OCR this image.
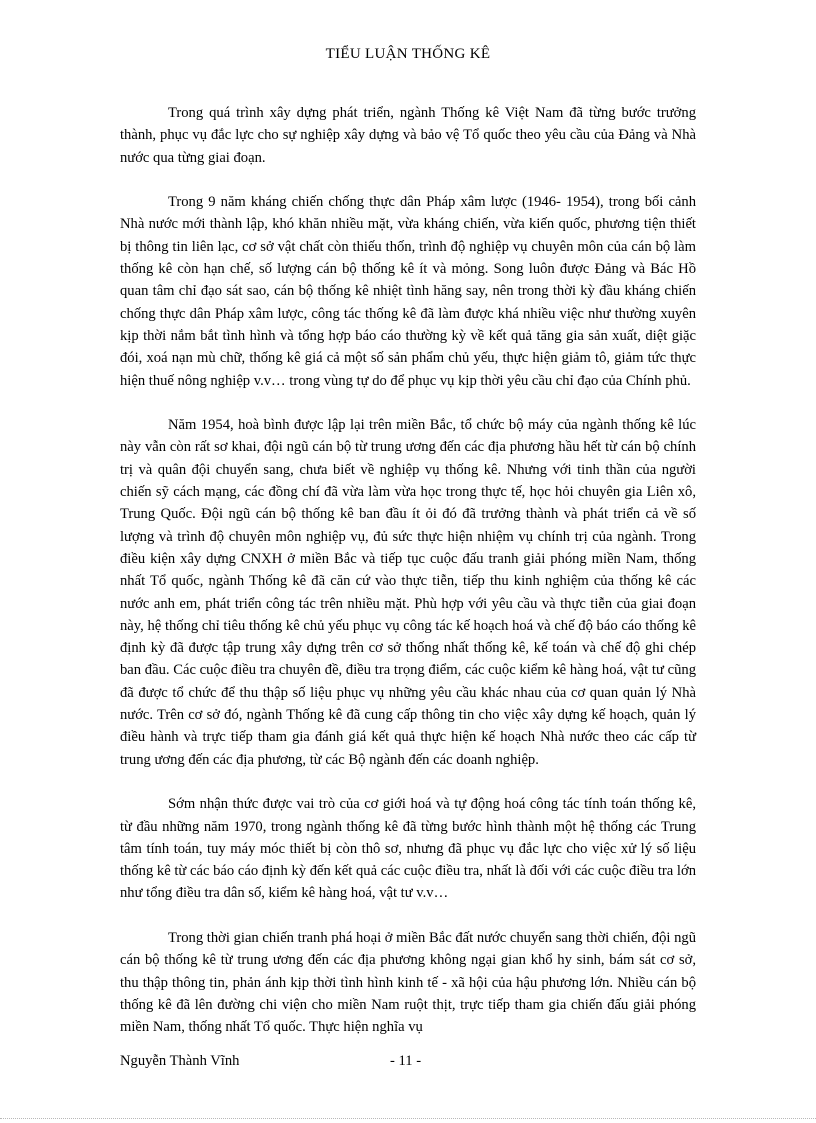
TIỂU LUẬN THỐNG KÊ

Trong quá trình xây dựng phát triển, ngành Thống kê Việt Nam đã từng bước trưởng thành, phục vụ đắc lực cho sự nghiệp xây dựng và bảo vệ Tổ quốc theo yêu cầu của Đảng và Nhà nước qua từng giai đoạn.

Trong 9 năm kháng chiến chống thực dân Pháp xâm lược (1946- 1954), trong bối cảnh Nhà nước mới thành lập, khó khăn nhiều mặt, vừa kháng chiến, vừa kiến quốc, phương tiện thiết bị thông tin liên lạc, cơ sở vật chất còn thiếu thốn, trình độ nghiệp vụ chuyên môn của cán bộ làm thống kê còn hạn chế, số lượng cán bộ thống kê ít và mỏng. Song luôn được Đảng và Bác Hồ quan tâm chỉ đạo sát sao, cán bộ thống kê nhiệt tình hăng say, nên trong thời kỳ đầu kháng chiến chống thực dân Pháp xâm lược, công tác thống kê đã làm được khá nhiều việc như thường xuyên kịp thời nắm bắt tình hình và tổng hợp báo cáo thường kỳ về kết quả tăng gia sản xuất, diệt giặc đói, xoá nạn mù chữ, thống kê giá cả một số sản phẩm chủ yếu, thực hiện giảm tô, giảm tức thực hiện thuế nông nghiệp v.v… trong vùng tự do để phục vụ kịp thời yêu cầu chỉ đạo của Chính phủ.

Năm 1954, hoà bình được lập lại trên miền Bắc, tổ chức bộ máy của ngành thống kê lúc này vẫn còn rất sơ khai, đội ngũ cán bộ từ trung ương đến các địa phương hầu hết từ cán bộ chính trị và quân đội chuyển sang, chưa biết về nghiệp vụ thống kê. Nhưng với tinh thần của người chiến sỹ cách mạng, các đồng chí đã vừa làm vừa học trong thực tế, học hỏi chuyên gia Liên xô, Trung Quốc. Đội ngũ cán bộ thống kê ban đầu ít ỏi đó đã trưởng thành và phát triển cả về số lượng và trình độ chuyên môn nghiệp vụ, đủ sức thực hiện nhiệm vụ chính trị của ngành. Trong điều kiện xây dựng CNXH ở miền Bắc và tiếp tục cuộc đấu tranh giải phóng miền Nam, thống nhất Tổ quốc, ngành Thống kê đã căn cứ vào thực tiễn, tiếp thu kinh nghiệm của thống kê các nước anh em, phát triển công tác trên nhiều mặt. Phù hợp với yêu cầu và thực tiễn của giai đoạn này, hệ thống chỉ tiêu thống kê chủ yếu phục vụ công tác kế hoạch hoá và chế độ báo cáo thống kê định kỳ đã được tập trung xây dựng trên cơ sở thống nhất thống kê, kế toán và chế độ ghi chép ban đầu. Các cuộc điều tra chuyên đề, điều tra trọng điểm, các cuộc kiểm kê hàng hoá, vật tư cũng đã được tổ chức để thu thập số liệu phục vụ những yêu cầu khác nhau của cơ quan quản lý Nhà nước. Trên cơ sở đó, ngành Thống kê đã cung cấp thông tin cho việc xây dựng kế hoạch, quản lý điều hành và trực tiếp tham gia đánh giá kết quả thực hiện kế hoạch Nhà nước theo các cấp từ trung ương đến các địa phương, từ các Bộ ngành đến các doanh nghiệp.

Sớm nhận thức được vai trò của cơ giới hoá và tự động hoá công tác tính toán thống kê, từ đầu những năm 1970, trong ngành thống kê đã từng bước hình thành một hệ thống các Trung tâm tính toán, tuy máy móc thiết bị còn thô sơ, nhưng đã phục vụ đắc lực cho việc xử lý số liệu thống kê từ các báo cáo định kỳ đến kết quả các cuộc điều tra, nhất là đối với các cuộc điều tra lớn như tổng điều tra dân số, kiểm kê hàng hoá, vật tư v.v…

Trong thời gian chiến tranh phá hoại ở miền Bắc đất nước chuyển sang thời chiến, đội ngũ cán bộ thống kê từ trung ương đến các địa phương không ngại gian khổ hy sinh, bám sát cơ sở, thu thập thông tin, phản ánh kịp thời tình hình kinh tế - xã hội của hậu phương lớn. Nhiều cán bộ thống kê đã lên đường chi viện cho miền Nam ruột thịt, trực tiếp tham gia chiến đấu giải phóng miền Nam, thống nhất Tổ quốc. Thực hiện nghĩa vụ

Nguyễn Thành Vĩnh	- 11 -
